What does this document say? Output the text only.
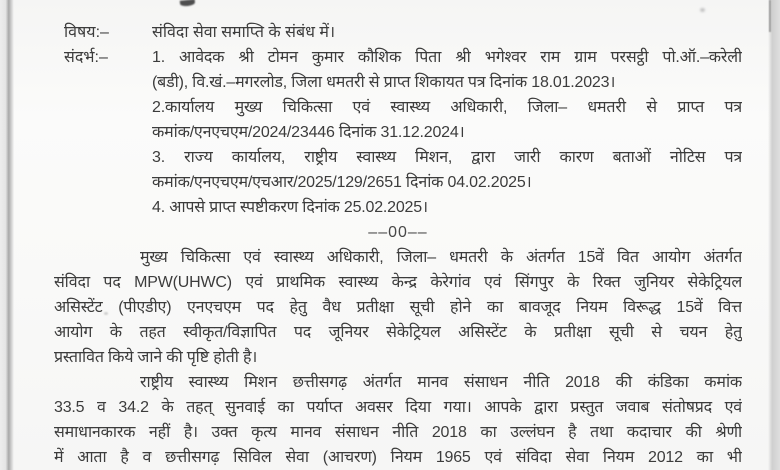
विषय:–	संविदा सेवा समाप्ति के संबंध में।
संदर्भ:–	1. आवेदक श्री टोमन कुमार कौशिक पिता श्री भगेश्वर राम ग्राम परसट्ठी पो.ऑ.–करेली
(बडी), वि.खं.–मगरलोड, जिला धमतरी से प्राप्त शिकायत पत्र दिनांक 18.01.2023।
2.कार्यालय मुख्य चिकित्सा एवं स्वास्थ्य अधिकारी, जिला– धमतरी से प्राप्त पत्र
कमांक/एनएचएम/2024/23446 दिनांक 31.12.2024।
3. राज्य कार्यालय, राष्ट्रीय स्वास्थ्य मिशन, द्वारा जारी कारण बताओं नोटिस पत्र
कमांक/एनएचएम/एचआर/2025/129/2651 दिनांक 04.02.2025।
4. आपसे प्राप्त स्पष्टीकरण दिनांक 25.02.2025।
––00––
मुख्य चिकित्सा एवं स्वास्थ्य अधिकारी, जिला– धमतरी के अंतर्गत 15वें वित आयोग अंतर्गत
संविदा पद MPW(UHWC) एवं प्राथमिक स्वास्थ्य केन्द्र केरेगांव एवं सिंगपुर के रिक्त जुनियर सेकेट्रियल
असिस्टेंट (पीएडीए) एनएचएम पद हेतु वैध प्रतीक्षा सूची होने का बावजूद नियम विरूद्ध 15वें वित्त
आयोग के तहत स्वीकृत/विज्ञापित पद जूनियर सेकेट्रियल असिस्टेंट के प्रतीक्षा सूची से चयन हेतु
प्रस्तावित किये जाने की पृष्टि होती है।
राष्ट्रीय स्वास्थ्य मिशन छत्तीसगढ़ अंतर्गत मानव संसाधन नीति 2018 की कंडिका कमांक
33.5 व 34.2 के तहत् सुनवाई का पर्याप्त अवसर दिया गया। आपके द्वारा प्रस्तुत जवाब संतोषप्रद एवं
समाधानकारक नहीं है। उक्त कृत्य मानव संसाधन नीति 2018 का उल्लंघन है तथा कदाचार की श्रेणी
में आता है व छत्तीसगढ़ सिविल सेवा (आचरण) नियम 1965 एवं संविदा सेवा नियम 2012 का भी
